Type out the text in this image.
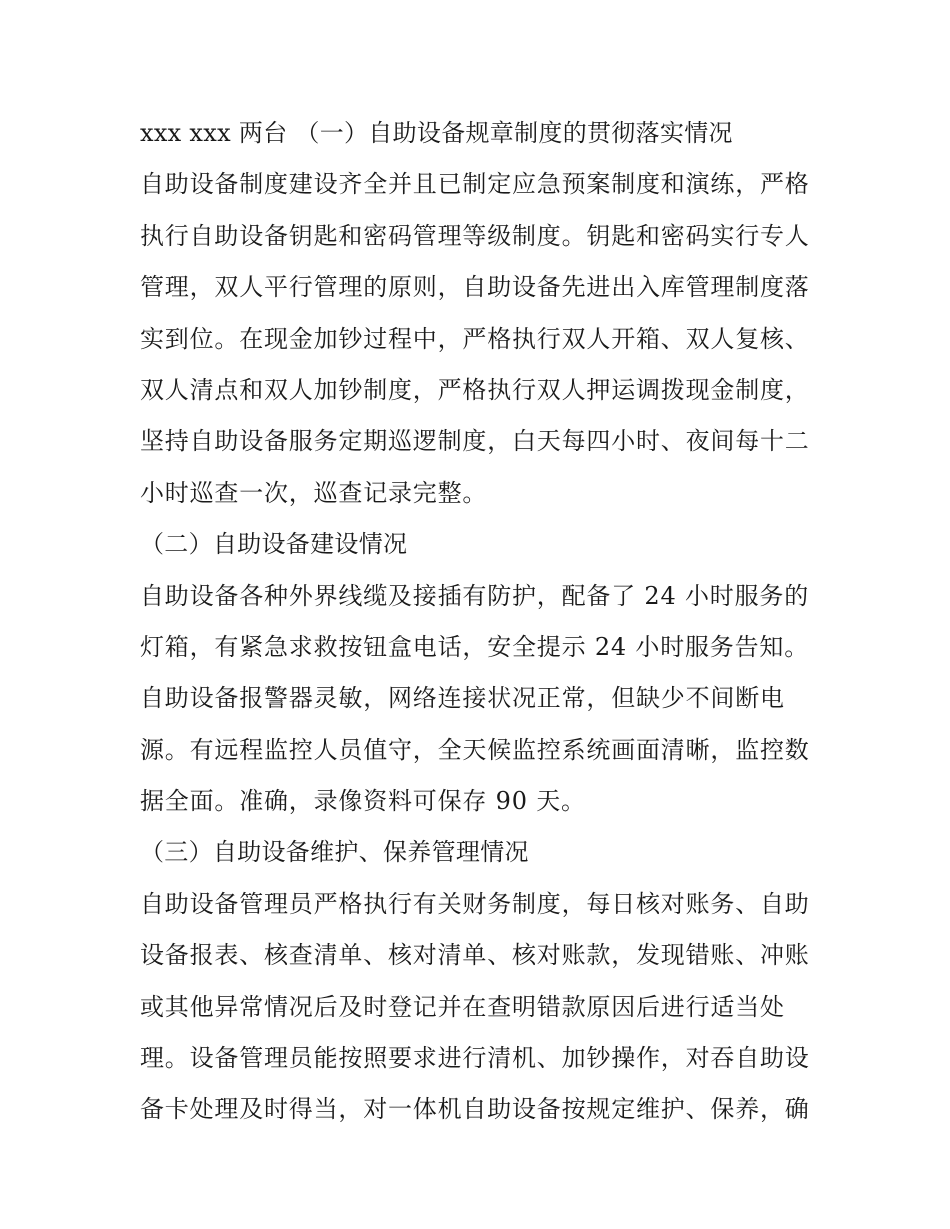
xxx xxx 两台 （一）自助设备规章制度的贯彻落实情况
自助设备制度建设齐全并且已制定应急预案制度和演练，严格
执行自助设备钥匙和密码管理等级制度。钥匙和密码实行专人
管理，双人平行管理的原则，自助设备先进出入库管理制度落
实到位。在现金加钞过程中，严格执行双人开箱、双人复核、
双人清点和双人加钞制度，严格执行双人押运调拨现金制度，
坚持自助设备服务定期巡逻制度，白天每四小时、夜间每十二
小时巡查一次，巡查记录完整。
（二）自助设备建设情况
自助设备各种外界线缆及接插有防护，配备了 24 小时服务的
灯箱，有紧急求救按钮盒电话，安全提示 24 小时服务告知。
自助设备报警器灵敏，网络连接状况正常，但缺少不间断电
源。有远程监控人员值守，全天候监控系统画面清晰，监控数
据全面。准确，录像资料可保存 90 天。
（三）自助设备维护、保养管理情况
自助设备管理员严格执行有关财务制度，每日核对账务、自助
设备报表、核查清单、核对清单、核对账款，发现错账、冲账
或其他异常情况后及时登记并在查明错款原因后进行适当处
理。设备管理员能按照要求进行清机、加钞操作，对吞自助设
备卡处理及时得当，对一体机自助设备按规定维护、保养，确
